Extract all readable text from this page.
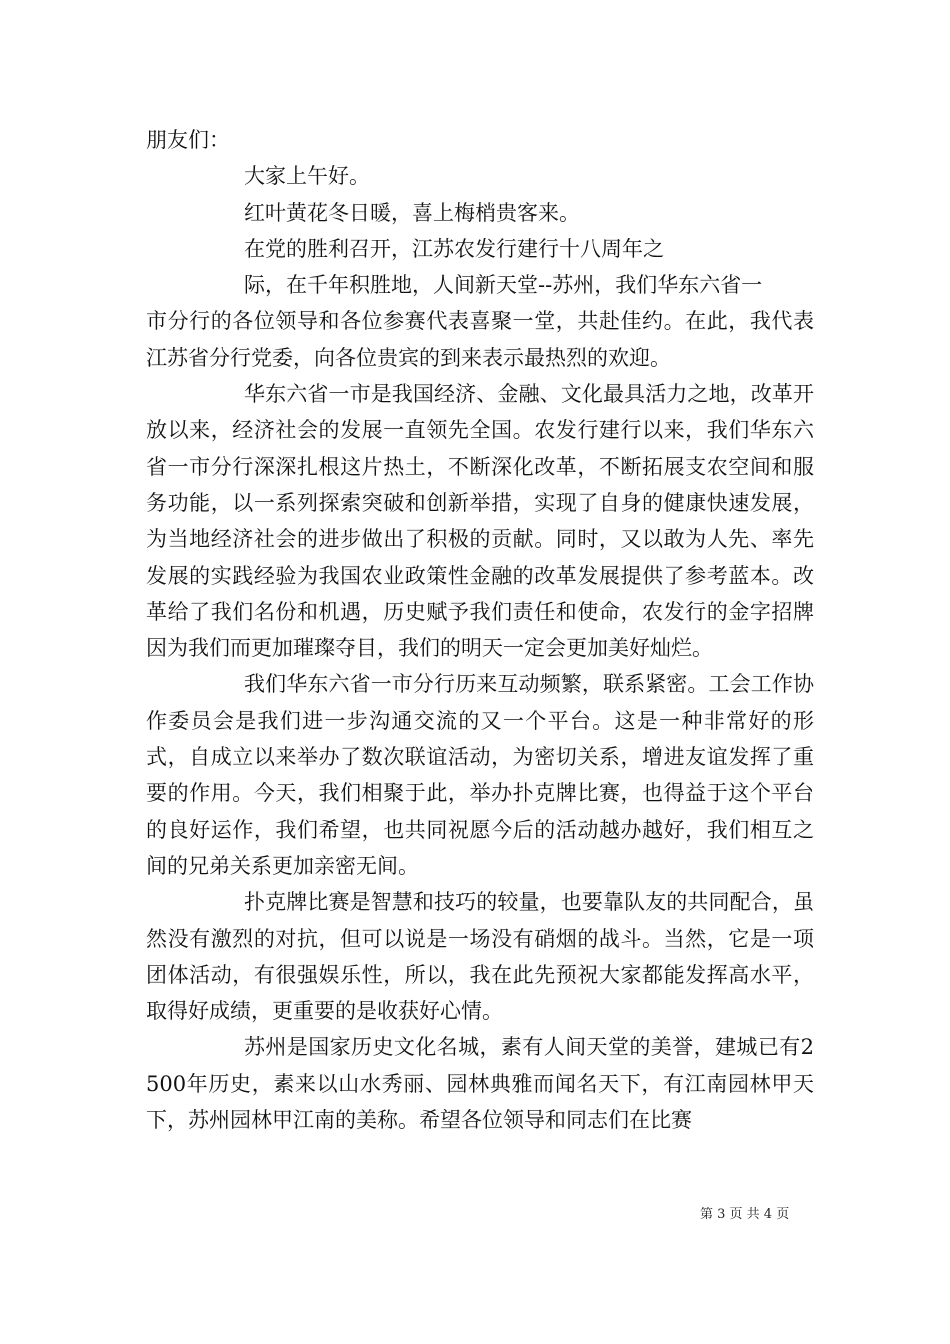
朋友们：

大家上午好。

红叶黄花冬日暖，喜上梅梢贵客来。

在党的胜利召开，江苏农发行建行十八周年之

际，在千年积胜地，人间新天堂--苏州，我们华东六省一

市分行的各位领导和各位参赛代表喜聚一堂，共赴佳约。在此，我代表江苏省分行党委，向各位贵宾的到来表示最热烈的欢迎。

华东六省一市是我国经济、金融、文化最具活力之地，改革开放以来，经济社会的发展一直领先全国。农发行建行以来，我们华东六省一市分行深深扎根这片热土，不断深化改革，不断拓展支农空间和服务功能，以一系列探索突破和创新举措，实现了自身的健康快速发展，为当地经济社会的进步做出了积极的贡献。同时，又以敢为人先、率先发展的实践经验为我国农业政策性金融的改革发展提供了参考蓝本。改革给了我们名份和机遇，历史赋予我们责任和使命，农发行的金字招牌因为我们而更加璀璨夺目，我们的明天一定会更加美好灿烂。

我们华东六省一市分行历来互动频繁，联系紧密。工会工作协作委员会是我们进一步沟通交流的又一个平台。这是一种非常好的形式，自成立以来举办了数次联谊活动，为密切关系，增进友谊发挥了重要的作用。今天，我们相聚于此，举办扑克牌比赛，也得益于这个平台的良好运作，我们希望，也共同祝愿今后的活动越办越好，我们相互之间的兄弟关系更加亲密无间。

扑克牌比赛是智慧和技巧的较量，也要靠队友的共同配合，虽然没有激烈的对抗，但可以说是一场没有硝烟的战斗。当然，它是一项团体活动，有很强娱乐性，所以，我在此先预祝大家都能发挥高水平，取得好成绩，更重要的是收获好心情。

苏州是国家历史文化名城，素有人间天堂的美誉，建城已有2500年历史，素来以山水秀丽、园林典雅而闻名天下，有江南园林甲天下，苏州园林甲江南的美称。希望各位领导和同志们在比赛

第 3 页 共 4 页
